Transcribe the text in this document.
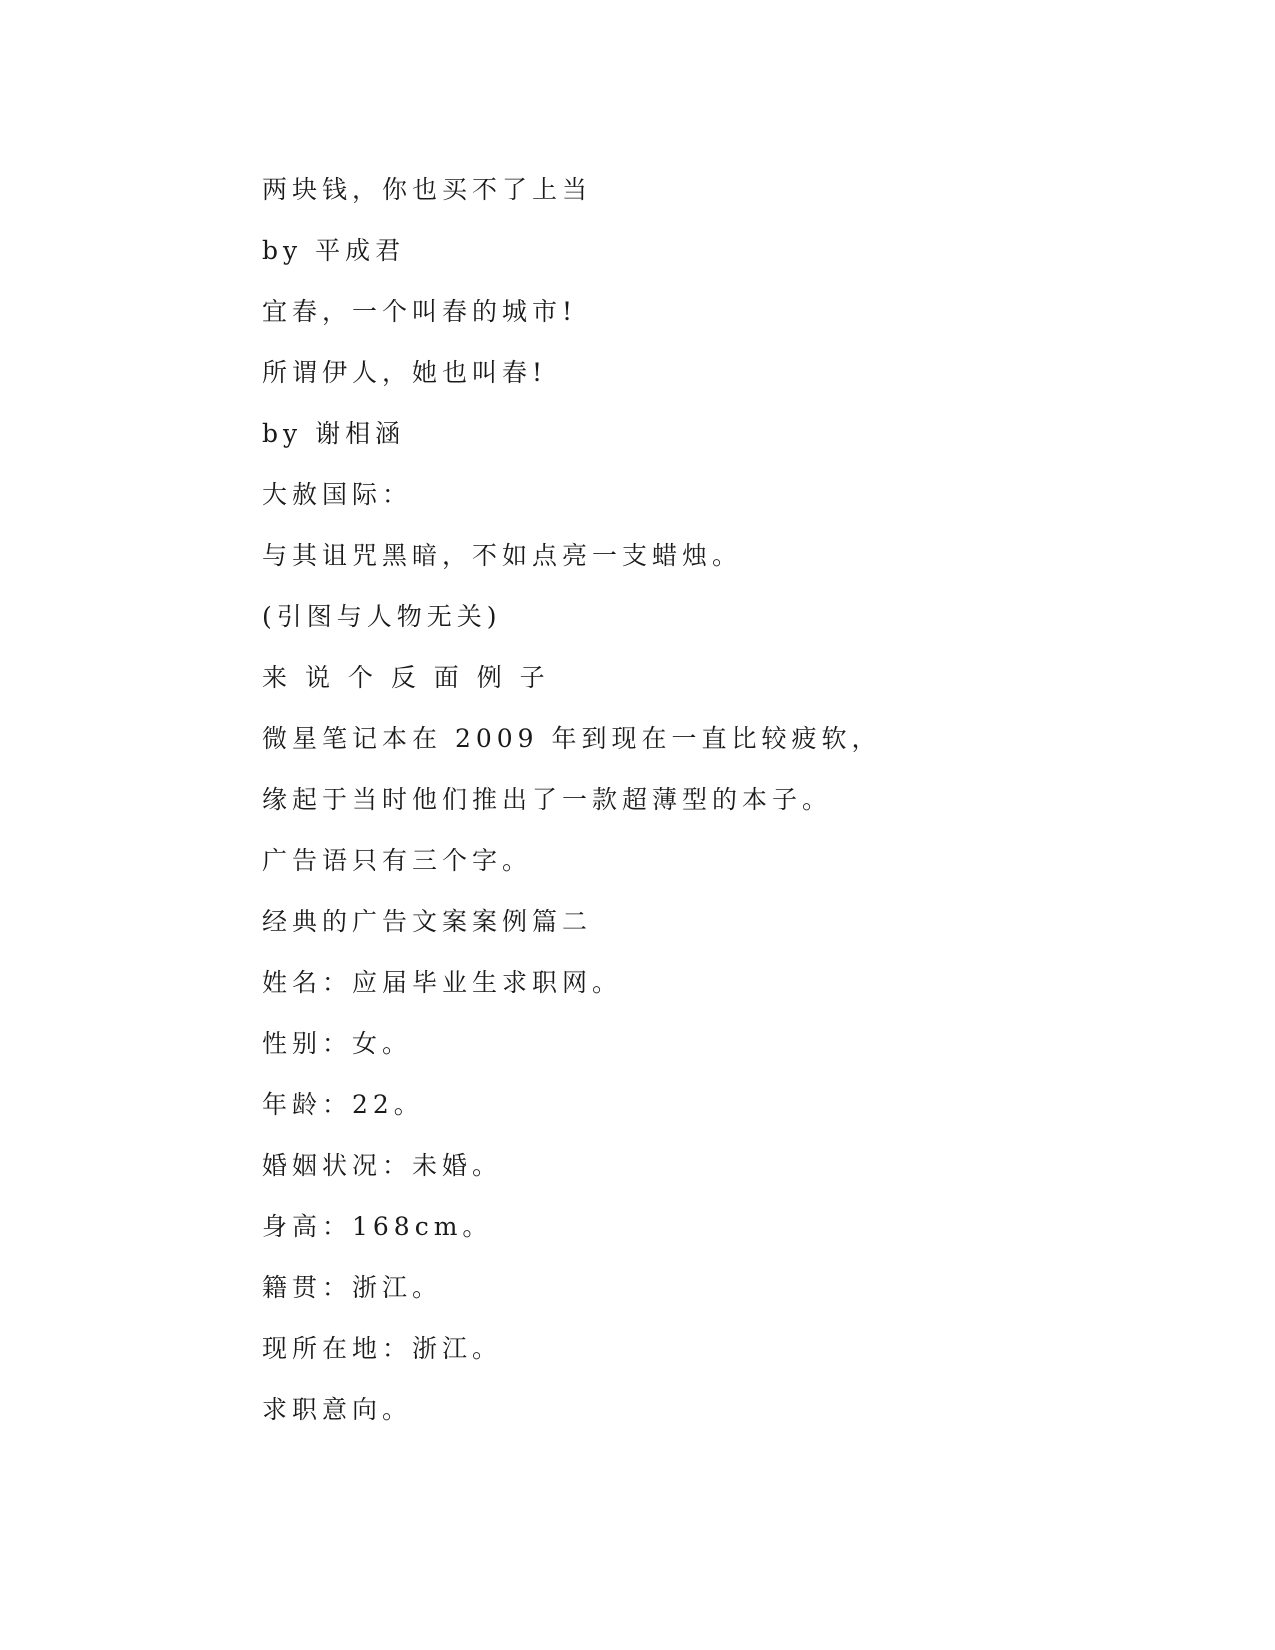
两块钱，你也买不了上当

by 平成君

宜春，一个叫春的城市!

所谓伊人，她也叫春!

by 谢相涵

大赦国际：

与其诅咒黑暗，不如点亮一支蜡烛。

(引图与人物无关)

来 说 个 反 面 例 子

微星笔记本在 2009 年到现在一直比较疲软，

缘起于当时他们推出了一款超薄型的本子。

广告语只有三个字。

经典的广告文案案例篇二

姓名：应届毕业生求职网。

性别：女。

年龄：22。

婚姻状况：未婚。

身高：168cm。

籍贯：浙江。

现所在地：浙江。

求职意向。
